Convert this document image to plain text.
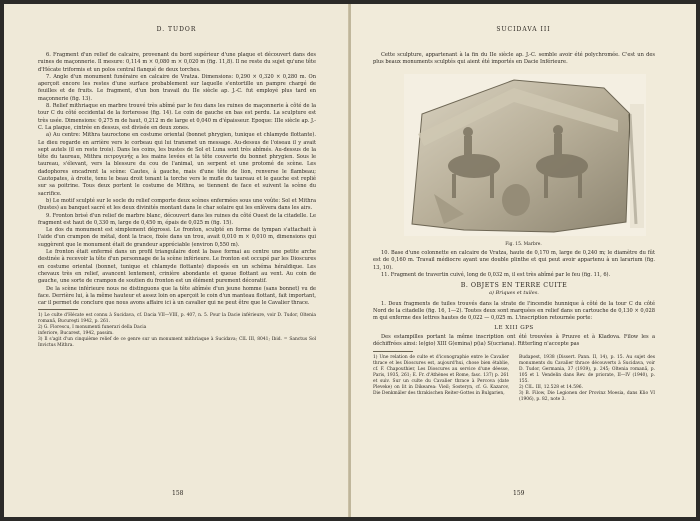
D. TUDOR

6. Fragment d'un relief de calcaire, provenant du bord supérieur d'une plaque et découvert dans des ruines de maçonnerie. Il mesure: 0,114 m × 0,080 m × 0,020 m (fig. 11,8). Il ne reste du sujet qu'une tête d'Hécate triformis et un polos central flanqué de deux torches.

7. Angle d'un monument funéraire en calcaire de Vratza. Dimensions: 0,290 × 0,320 × 0,280 m. On aperçoit encore les restes d'une surface probablement sur laquelle s'entortille un pampre chargé de feuilles et de fruits. Le fragment, d'un bon travail du IIe siècle ap. J.-C. fut employé plus tard en maçonnerie (fig. 13).

8. Relief mithriaque en marbre trouvé très abîmé par le feu dans les ruines de maçonnerie à côté de la tour C du côté occidental de la forteresse (fig. 14). Le coin de gauche en bas est perdu. La sculpture est très usée. Dimensions: 0,275 m de haut, 0,212 m de large et 0,040 m d'épaisseur. Epoque: IIIe siècle ap. J.-C. La plaque, cintrée en dessus, est divisée en deux zones.

a) Au centre: Mithra tauroctone en costume oriental (bonnet phrygien, tunique et chlamyde flottante). Le dieu regarde en arrière vers le corbeau qui lui transmet un message. Au-dessus de l'oiseau il y avait sept autels (il en reste trois). Dans les coins, les bustes de Sol et Luna sont très abîmés. Au-dessus de la tête du taureau, Mithra πετρογενής a les mains levées et la tête couverte du bonnet phrygien. Sous le taureau, s'élevant, vers la blessure du cou de l'animal, un serpent et une protomé de scène. Les dadophores encadrent la scène: Cautes, à gauche, mais d'une tête de lion, renverse le flambeau; Cautopates, à droite, tenu le beau droit tenant la torche vers le mufle du taureau et le gauche est replié sur sa poitrine. Tous deux portent le costume de Mithra, se tiennent de face et suivent la scène du sacrifice.

b) Le motif sculpté sur le socle du relief comporte deux scènes enfermées sous une voûte: Sol et Mithra (bustes) au banquet sacré et les deux divinités montant dans le char solaire qui les enlèvera dans les airs.

9. Fronton brisé d'un relief de marbre blanc, découvert dans les ruines du côté Ouest de la citadelle. Le fragment est haut de 0,330 m, large de 0,450 m, épais de 0,025 m (fig. 15).

Le dos du monument est simplement dégrossi. Le fronton, sculpté en forme de tympan s'attachait à l'aide d'un crampon de métal, dont la trace, fixée dans un trou, avait 0,010 m × 0,010 m, dimensions qui suggèrent que le monument était de grandeur appréciable (environ 0,550 m).

Le fronton était enfermé dans un profil triangulaire dont la base formai au centre une petite arche destinée à recevoir la tête d'un personnage de la scène inférieure. Le fronton est occupé par les Dioscures en costume oriental (bonnet, tunique et chlamyde flottante) disposés en un schéma héraldique. Les chevaux très en relief, avancent lentement, crinière abondante et queue flottant au vent. Au coin de gauche, une sorte de crampon de soutien du fronton est un élément purement décoratif.

De la scène inférieure nous ne distinguons que la tête abîmée d'un jeune homme (sans bonnet) vu de face. Derrière lui, à la même hauteur et assez loin on aperçoit le coin d'un manteau flottant, fait important, car il permet de conclure que nous avons affaire ici à un cavalier qui ne peut être que le Cavalier thrace.

1) Le culte d'Hécate est connu à Sucidava, cf. Dacia VII—VIII, p. 407, n. 5. Pour la Dacie inférieure, voir D. Tudor, Oltenia romană, Bucureşti 1942, p. 261.
2) G. Florescu, I monumenti funerari della Dacia
inferiore, Bucarest, 1942, passim.
3) Il s'agit d'un cinquième relief de ce genre sur un monument mithriaque à Sucidava; CIL III, 8041; Ibid. = Sanctus Sol Invictus Mithra.
158
SUCIDAVA III

Cette sculpture, appartenant à la fin du IIe siècle ap. J.-C. semble avoir été polychromée. C'est un des plus beaux monuments sculptés qui aient été importés en Dacie Inférieure.

Fig. 15. Marbre.

10. Base d'une colonnette en calcaire de Vratza, haute de 0,170 m, large de 0,240 m; le diamètre du fût est de 0,160 m. Travail médiocre ayant une double plinthe et qui peut avoir appartenu à un lararium (fig. 13, 10).

11. Fragment de travertin cuivé, long de 0,032 m, il est très abîmé par le feu (fig. 11, 6).

B. OBJETS EN TERRE CUITE
a) Briques et tuiles.

1. Deux fragments de tuiles trouvés dans la strate de l'incendie hunnique à côté de la tour C du côté Nord de la citadelle (fig. 16, 1—2). Toutes deux sont marquées en relief dans un cartouche de 0,130 × 0,028 m qui enferme des lettres hautes de 0,022 — 0,025 m. L'inscription retournée porte:

LE XIII GPS

Des estampilles portant la même inscription ont été trouvées à Pruuve et à Kladova. Filow les a déchiffrées ainsi: le(gio) XIII G(emina) p(ia) S(ucriana). Ritterling n'accepte pas

1) Une relation de culte et d'iconographie entre le Cavalier thrace et les Dioscures est, aujourd'hui, chose bien établie, cf. F. Chapouthier, Les Dioscures au service d'une déesse, Paris, 1935, 261; E. Fr. d'Athènes et Rome, fasc. 137) p. 261 et suiv. Sur un culte du Cavalier thrace à Percova (date Pleveke) on lit in Dikearea: Vieil; Sosteryn, cf. G. Kazarov, Die Denkmäler des thrakischen Reiter-Gottes in Bulgarien,
Budapest, 1938 (Dissert. Pann. II, 14), p. 15. Au sujet des monuments du Cavalier thrace découverts à Sucidava, voir D. Tudor, Germania, 37 (1939), p. 245; Oltenia romană, p. 105 et I. Vendelin dans Rev. de priorate, II—IV (1940), p. 155.
2) CIL. III, 12.528 et 14.596.
3) B. Filow, Die Legionen der Provinz Moesia, dans Klio VI (1906), p. 82, note 3.
159
